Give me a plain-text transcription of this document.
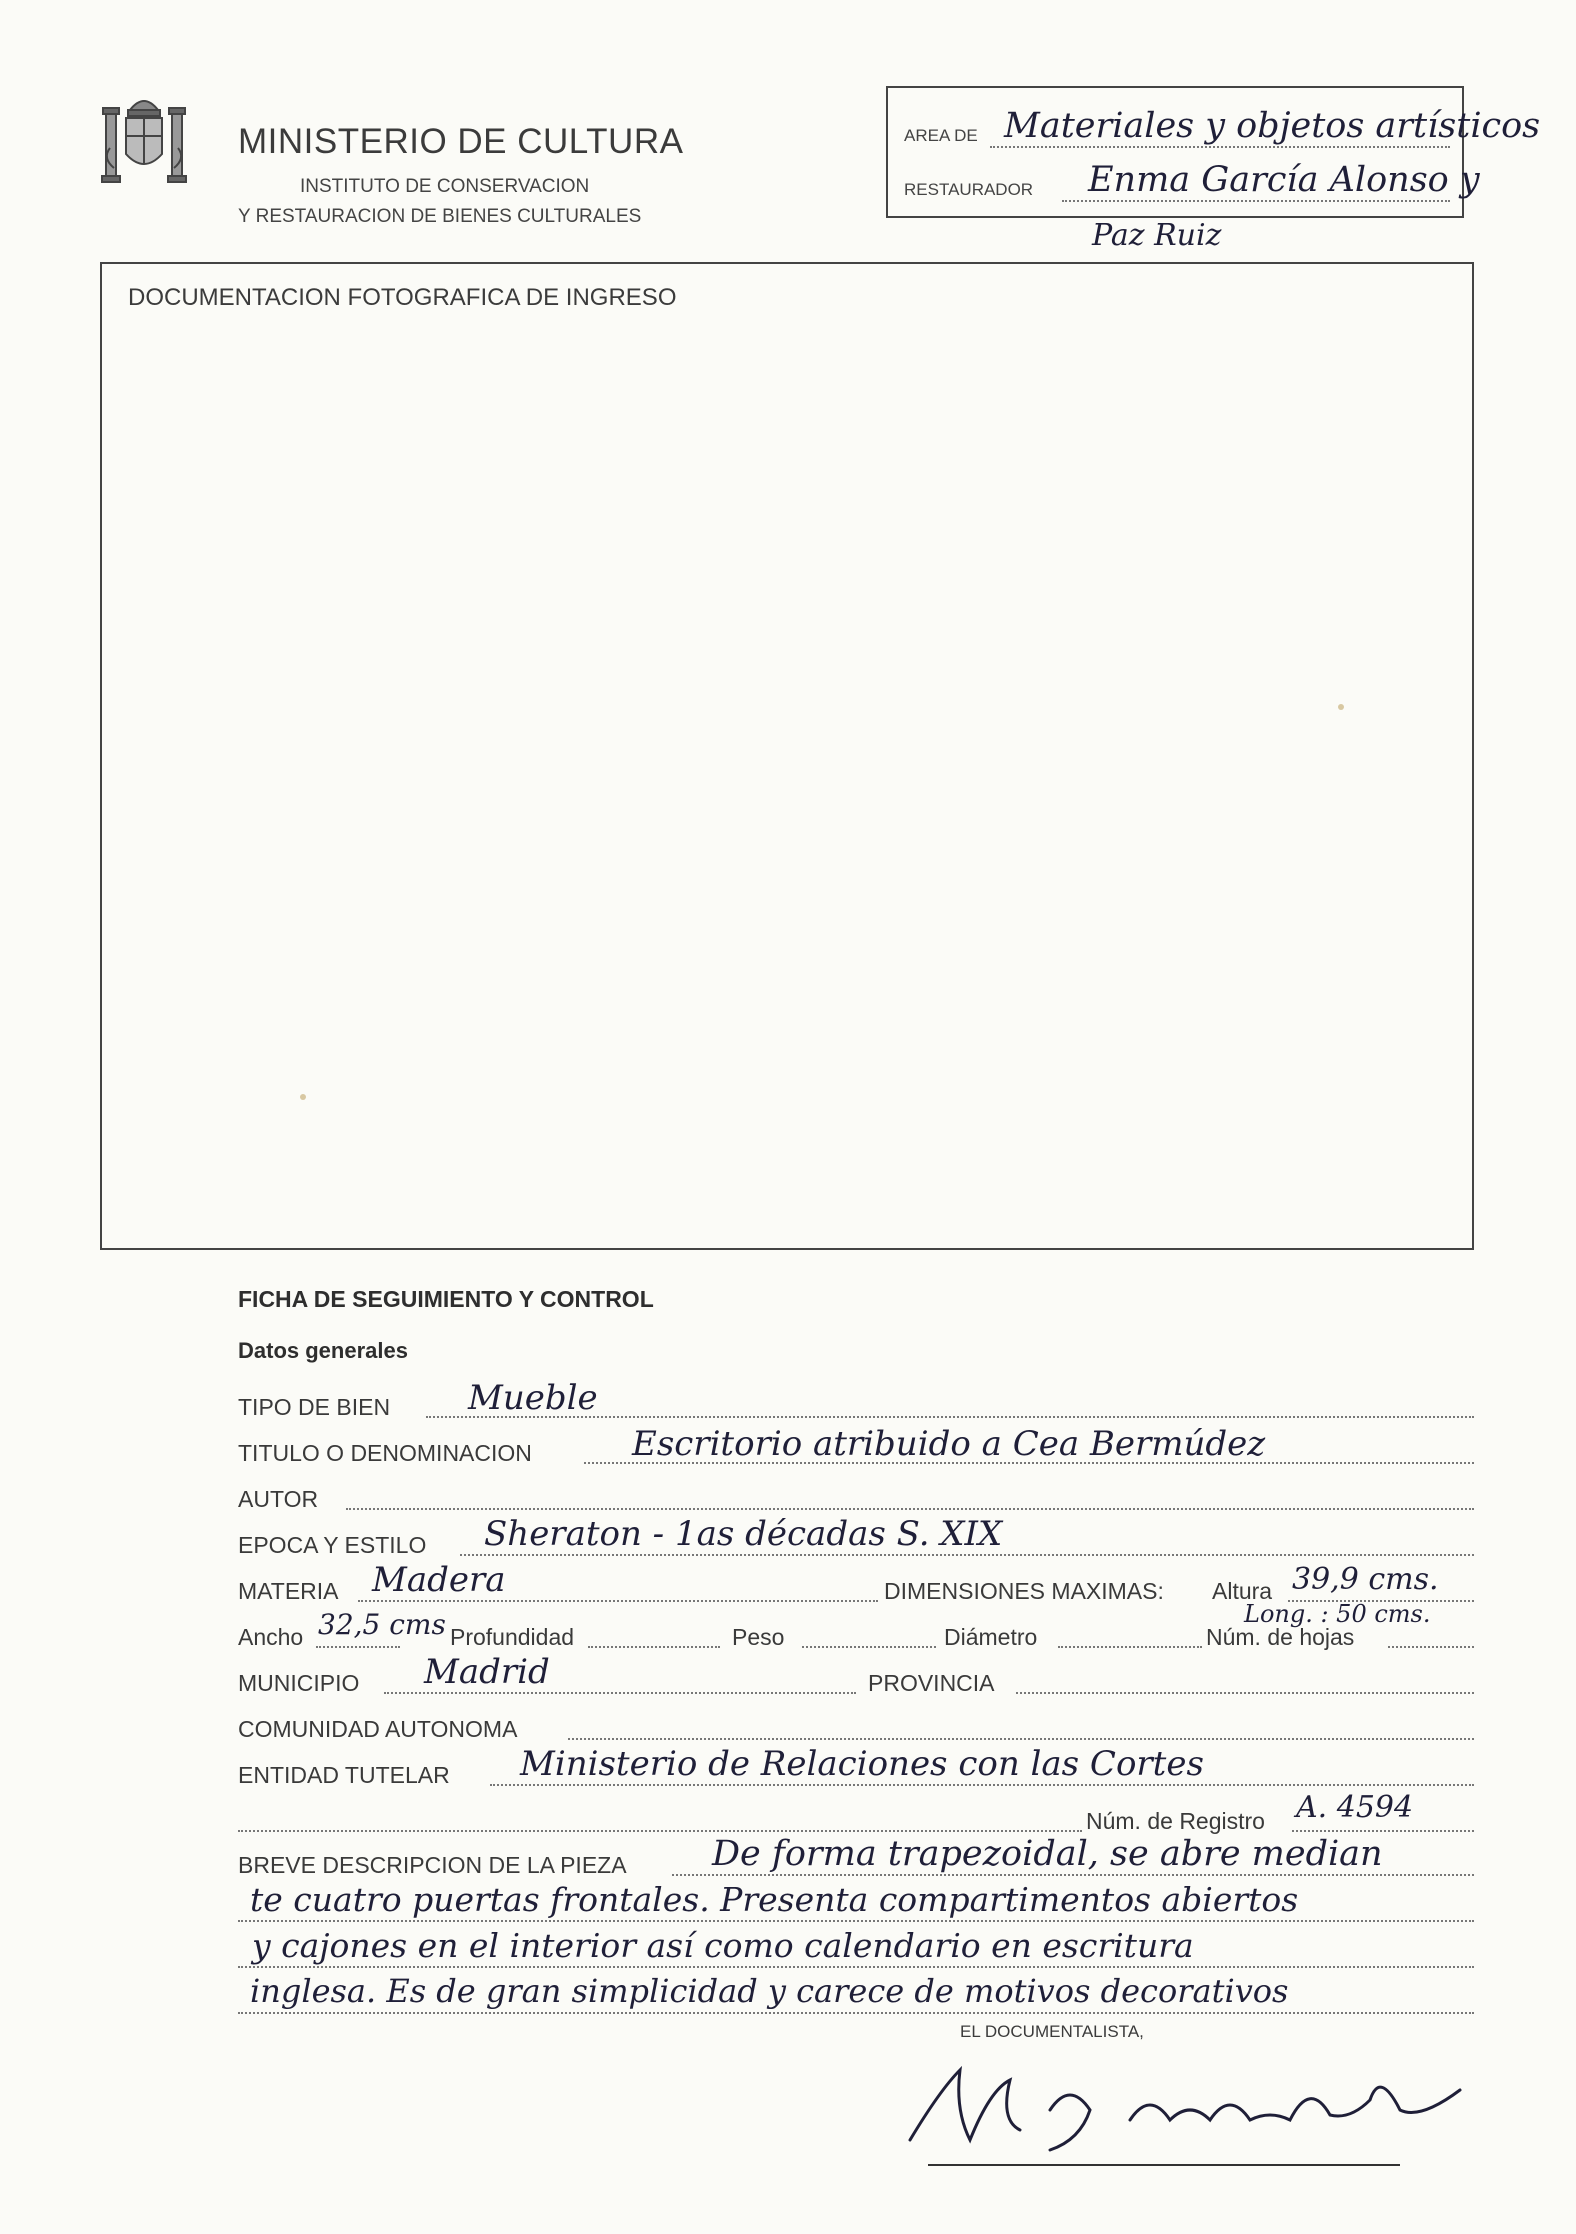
MINISTERIO DE CULTURA
INSTITUTO DE CONSERVACION
Y RESTAURACION DE BIENES CULTURALES
AREA DE Materiales y objetos artísticos
RESTAURADOR Enma García Alonso y
Paz Ruiz
DOCUMENTACION FOTOGRAFICA DE INGRESO
FICHA DE SEGUIMIENTO Y CONTROL
Datos generales
TIPO DE BIEN Mueble
TITULO O DENOMINACION	Escritorio atribuido a Cea Bermúdez
AUTOR
EPOCA Y ESTILO Sheraton - 1as décadas S. XIX
MATERIA Madera	DIMENSIONES MAXIMAS: Altura 39,9 cms.
Ancho 32,5 cms Profundidad	Peso	Diámetro	Núm. de hojas
Long. : 50 cms.
MUNICIPIO Madrid	PROVINCIA
COMUNIDAD AUTONOMA
ENTIDAD TUTELAR Ministerio de Relaciones con las Cortes
Núm. de Registro A. 4594
BREVE DESCRIPCION DE LA PIEZA De forma trapezoidal, se abre median
te cuatro puertas frontales. Presenta compartimentos abiertos
y cajones en el interior así como calendario en escritura
inglesa. Es de gran simplicidad y carece de motivos decorativos
EL DOCUMENTALISTA,
